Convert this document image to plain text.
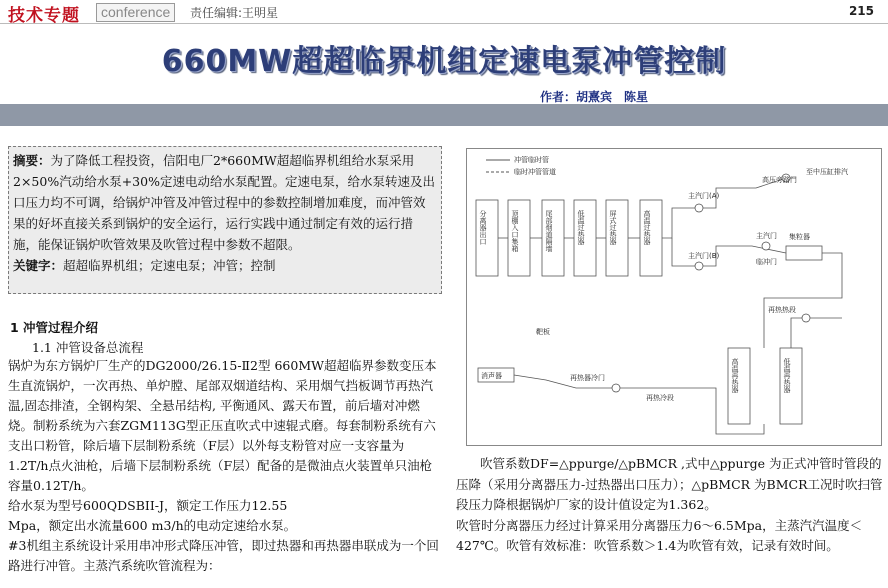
技术专题	conference	责任编辑:王明星	215
660MW超超临界机组定速电泵冲管控制
作者：胡熹宾　陈星
摘要：为了降低工程投资，信阳电厂2*660MW超超临界机组给水泵采用2×50%汽动给水泵+30%定速电动给水泵配置。定速电泵，给水泵转速及出口压力均不可调，给锅炉冲管及冲管过程中的参数控制增加难度，而冲管效果的好坏直接关系到锅炉的安全运行，运行实践中通过制定有效的运行措施，能保证锅炉吹管效果及吹管过程中参数不超限。
关键字：超超临界机组；定速电泵；冲管；控制
1 冲管过程介绍
1.1 冲管设备总流程

锅炉为东方锅炉厂生产的DG2000/26.15-Ⅱ2型 660MW超超临界参数变压本生直流锅炉，一次再热、单炉膛、尾部双烟道结构、采用烟气挡板调节再热汽温,固态排渣，全钢构架、全悬吊结构, 平衡通风、露天布置，前后墙对冲燃烧。制粉系统为六套ZGM113G型正压直吹式中速辊式磨。每套制粉系统有六支出口粉管，除后墙下层制粉系统（F层）以外每支粉管对应一支容量为1.2T/h点火油枪，后墙下层制粉系统（F层）配备的是微油点火装置单只油枪容量0.12T/h。

给水泵为型号600QDSBII-J，额定工作压力12.55

Mpa，额定出水流量600 m3/h的电动定速给水泵。

#3机组主系统设计采用串冲形式降压冲管，即过热器和再热器串联成为一个回路进行冲管。主蒸汽系统吹管流程为：

冲管临时管
临时冲管管道
分离器出口	顶棚入口集箱	尾部烟道隔墙	低温过热器	屏式过热器	高温过热器
高温再热器	低温再热器
主汽门(A)
主汽门(B)
主汽门
临冲门
集粒器
消声器
靶板
再热器冷门
高压旁路门
至中压缸排汽
再热热段
再热冷段

吹管系数DF=△ppurge/△pBMCR ,式中△ppurge 为正式冲管时管段的压降（采用分离器压力-过热器出口压力）；△pBMCR 为BMCR工况时吹扫管段压力降根据锅炉厂家的设计值设定为1.362。

吹管时分离器压力经过计算采用分离器压力6～6.5Mpa，主蒸汽汽温度＜427℃。吹管有效标准：吹管系数＞1.4为吹管有效，记录有效时间。
